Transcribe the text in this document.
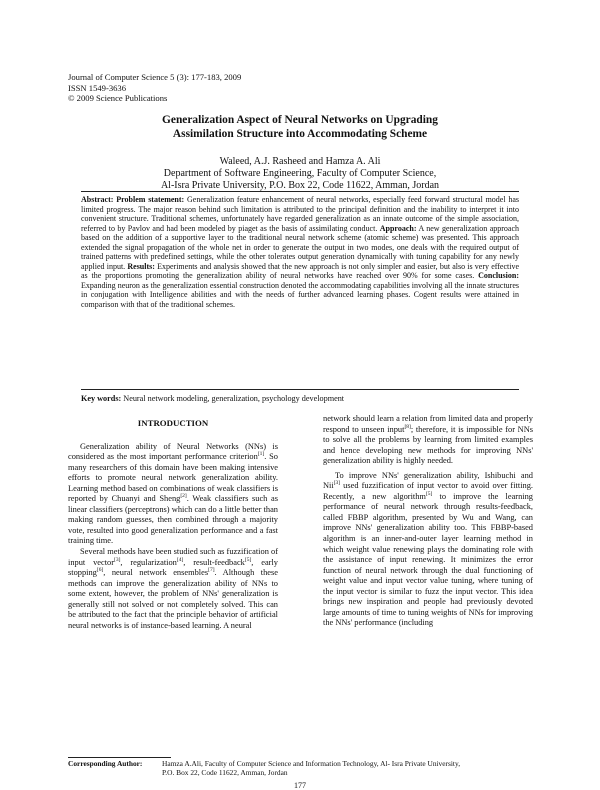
Journal of Computer Science 5 (3): 177-183, 2009
ISSN 1549-3636
© 2009 Science Publications
Generalization Aspect of Neural Networks on Upgrading
Assimilation Structure into Accommodating Scheme
Waleed, A.J. Rasheed and Hamza A. Ali
Department of Software Engineering, Faculty of Computer Science,
Al-Isra Private University, P.O. Box 22, Code 11622, Amman, Jordan
Abstract: Problem statement: Generalization feature enhancement of neural networks, especially feed forward structural model has limited progress. The major reason behind such limitation is attributed to the principal definition and the inability to interpret it into convenient structure. Traditional schemes, unfortunately have regarded generalization as an innate outcome of the simple association, referred to by Pavlov and had been modeled by piaget as the basis of assimilating conduct. Approach: A new generalization approach based on the addition of a supportive layer to the traditional neural network scheme (atomic scheme) was presented. This approach extended the signal propagation of the whole net in order to generate the output in two modes, one deals with the required output of trained patterns with predefined settings, while the other tolerates output generation dynamically with tuning capability for any newly applied input. Results: Experiments and analysis showed that the new approach is not only simpler and easier, but also is very effective as the proportions promoting the generalization ability of neural networks have reached over 90% for some cases. Conclusion: Expanding neuron as the generalization essential construction denoted the accommodating capabilities involving all the innate structures in conjugation with Intelligence abilities and with the needs of further advanced learning phases. Cogent results were attained in comparison with that of the traditional schemes.
Key words: Neural network modeling, generalization, psychology development
INTRODUCTION

Generalization ability of Neural Networks (NNs) is considered as the most important performance criterion[1]. So many researchers of this domain have been making intensive efforts to promote neural network generalization ability. Learning method based on combinations of weak classifiers is reported by Chuanyi and Sheng[2]. Weak classifiers such as linear classifiers (perceptrons) which can do a little better than making random guesses, then combined through a majority vote, resulted into good generalization performance and a fast training time.

Several methods have been studied such as fuzzification of input vector[3], regularization[4], result-feedback[5], early stopping[6], neural network ensembles[7]. Although these methods can improve the generalization ability of NNs to some extent, however, the problem of NNs' generalization is generally still not solved or not completely solved. This can be attributed to the fact that the principle behavior of artificial neural networks is of instance-based learning. A neural

network should learn a relation from limited data and properly respond to unseen input[8]; therefore, it is impossible for NNs to solve all the problems by learning from limited examples and hence developing new methods for improving NNs' generalization ability is highly needed.

To improve NNs' generalization ability, Ishibuchi and Nii[3] used fuzzification of input vector to avoid over fitting. Recently, a new algorithm[5] to improve the learning performance of neural network through results-feedback, called FBBP algorithm, presented by Wu and Wang, can improve NNs' generalization ability too. This FBBP-based algorithm is an inner-and-outer layer learning method in which weight value renewing plays the dominating role with the assistance of input renewing. It minimizes the error function of neural network through the dual functioning of weight value and input vector value tuning, where tuning of the input vector is similar to fuzz the input vector. This idea brings new inspiration and people had previously devoted large amounts of time to tuning weights of NNs for improving the NNs' performance (including

Corresponding Author:	Hamza A.Ali, Faculty of Computer Science and Information Technology, Al- Isra Private University,
P.O. Box 22, Code 11622, Amman, Jordan
177
